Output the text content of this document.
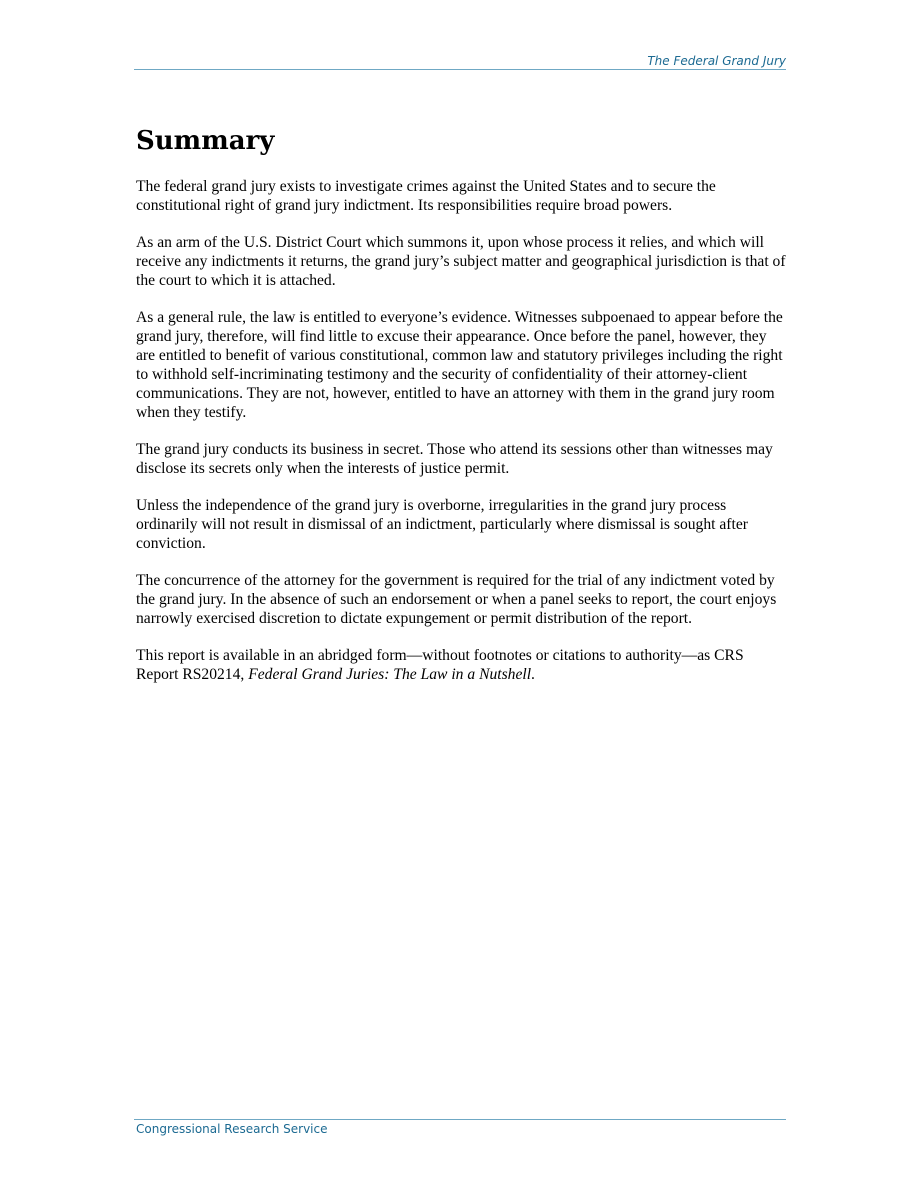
The Federal Grand Jury
Summary

The federal grand jury exists to investigate crimes against the United States and to secure the constitutional right of grand jury indictment. Its responsibilities require broad powers.

As an arm of the U.S. District Court which summons it, upon whose process it relies, and which will receive any indictments it returns, the grand jury’s subject matter and geographical jurisdiction is that of the court to which it is attached.

As a general rule, the law is entitled to everyone’s evidence. Witnesses subpoenaed to appear before the grand jury, therefore, will find little to excuse their appearance. Once before the panel, however, they are entitled to benefit of various constitutional, common law and statutory privileges including the right to withhold self-incriminating testimony and the security of confidentiality of their attorney-client communications. They are not, however, entitled to have an attorney with them in the grand jury room when they testify.

The grand jury conducts its business in secret. Those who attend its sessions other than witnesses may disclose its secrets only when the interests of justice permit.

Unless the independence of the grand jury is overborne, irregularities in the grand jury process ordinarily will not result in dismissal of an indictment, particularly where dismissal is sought after conviction.

The concurrence of the attorney for the government is required for the trial of any indictment voted by the grand jury. In the absence of such an endorsement or when a panel seeks to report, the court enjoys narrowly exercised discretion to dictate expungement or permit distribution of the report.

This report is available in an abridged form—without footnotes or citations to authority—as CRS Report RS20214, Federal Grand Juries: The Law in a Nutshell.

Congressional Research Service
